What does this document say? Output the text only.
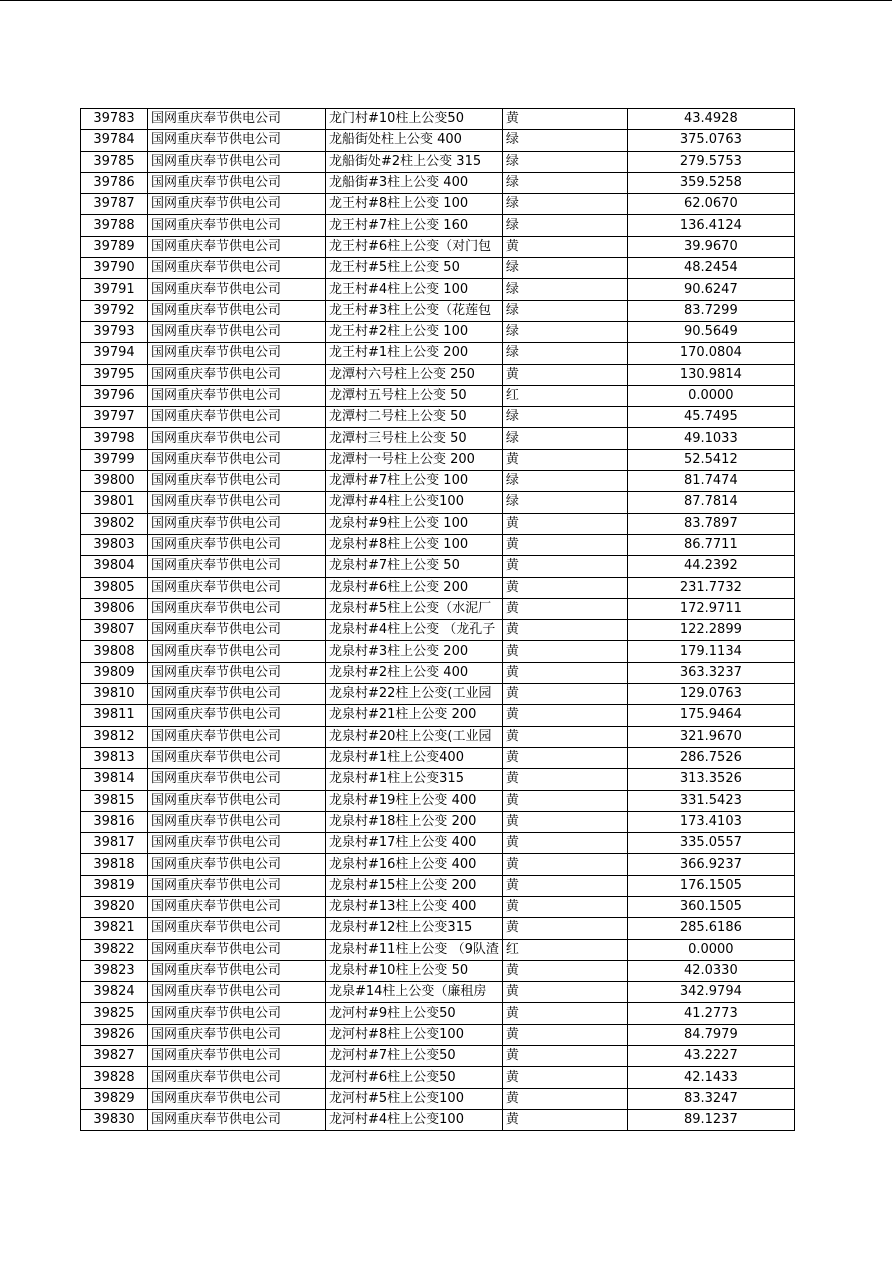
39783	国网重庆奉节供电公司	龙门村#10柱上公变50	黄	43.4928
39784	国网重庆奉节供电公司	龙船街处柱上公变 400	绿	375.0763
39785	国网重庆奉节供电公司	龙船街处#2柱上公变 315	绿	279.5753
39786	国网重庆奉节供电公司	龙船街#3柱上公变 400	绿	359.5258
39787	国网重庆奉节供电公司	龙王村#8柱上公变 100	绿	62.0670
39788	国网重庆奉节供电公司	龙王村#7柱上公变 160	绿	136.4124
39789	国网重庆奉节供电公司	龙王村#6柱上公变（对门包	黄	39.9670
39790	国网重庆奉节供电公司	龙王村#5柱上公变 50	绿	48.2454
39791	国网重庆奉节供电公司	龙王村#4柱上公变 100	绿	90.6247
39792	国网重庆奉节供电公司	龙王村#3柱上公变（花莲包	绿	83.7299
39793	国网重庆奉节供电公司	龙王村#2柱上公变 100	绿	90.5649
39794	国网重庆奉节供电公司	龙王村#1柱上公变 200	绿	170.0804
39795	国网重庆奉节供电公司	龙潭村六号柱上公变 250	黄	130.9814
39796	国网重庆奉节供电公司	龙潭村五号柱上公变 50	红	0.0000
39797	国网重庆奉节供电公司	龙潭村二号柱上公变 50	绿	45.7495
39798	国网重庆奉节供电公司	龙潭村三号柱上公变 50	绿	49.1033
39799	国网重庆奉节供电公司	龙潭村一号柱上公变 200	黄	52.5412
39800	国网重庆奉节供电公司	龙潭村#7柱上公变 100	绿	81.7474
39801	国网重庆奉节供电公司	龙潭村#4柱上公变100	绿	87.7814
39802	国网重庆奉节供电公司	龙泉村#9柱上公变 100	黄	83.7897
39803	国网重庆奉节供电公司	龙泉村#8柱上公变 100	黄	86.7711
39804	国网重庆奉节供电公司	龙泉村#7柱上公变 50	黄	44.2392
39805	国网重庆奉节供电公司	龙泉村#6柱上公变 200	黄	231.7732
39806	国网重庆奉节供电公司	龙泉村#5柱上公变（水泥厂	黄	172.9711
39807	国网重庆奉节供电公司	龙泉村#4柱上公变 （龙孔子	黄	122.2899
39808	国网重庆奉节供电公司	龙泉村#3柱上公变 200	黄	179.1134
39809	国网重庆奉节供电公司	龙泉村#2柱上公变 400	黄	363.3237
39810	国网重庆奉节供电公司	龙泉村#22柱上公变(工业园	黄	129.0763
39811	国网重庆奉节供电公司	龙泉村#21柱上公变 200	黄	175.9464
39812	国网重庆奉节供电公司	龙泉村#20柱上公变(工业园	黄	321.9670
39813	国网重庆奉节供电公司	龙泉村#1柱上公变400	黄	286.7526
39814	国网重庆奉节供电公司	龙泉村#1柱上公变315	黄	313.3526
39815	国网重庆奉节供电公司	龙泉村#19柱上公变 400	黄	331.5423
39816	国网重庆奉节供电公司	龙泉村#18柱上公变 200	黄	173.4103
39817	国网重庆奉节供电公司	龙泉村#17柱上公变 400	黄	335.0557
39818	国网重庆奉节供电公司	龙泉村#16柱上公变 400	黄	366.9237
39819	国网重庆奉节供电公司	龙泉村#15柱上公变 200	黄	176.1505
39820	国网重庆奉节供电公司	龙泉村#13柱上公变 400	黄	360.1505
39821	国网重庆奉节供电公司	龙泉村#12柱上公变315	黄	285.6186
39822	国网重庆奉节供电公司	龙泉村#11柱上公变 （9队渣	红	0.0000
39823	国网重庆奉节供电公司	龙泉村#10柱上公变 50	黄	42.0330
39824	国网重庆奉节供电公司	龙泉#14柱上公变（廉租房	黄	342.9794
39825	国网重庆奉节供电公司	龙河村#9柱上公变50	黄	41.2773
39826	国网重庆奉节供电公司	龙河村#8柱上公变100	黄	84.7979
39827	国网重庆奉节供电公司	龙河村#7柱上公变50	黄	43.2227
39828	国网重庆奉节供电公司	龙河村#6柱上公变50	黄	42.1433
39829	国网重庆奉节供电公司	龙河村#5柱上公变100	黄	83.3247
39830	国网重庆奉节供电公司	龙河村#4柱上公变100	黄	89.1237
